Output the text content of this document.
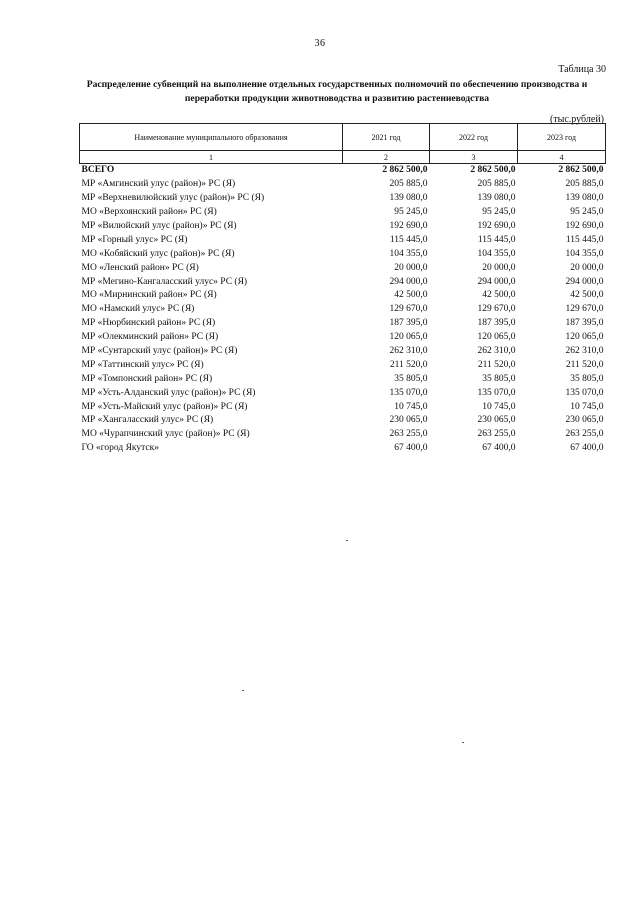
36
Таблица 30
Распределение субвенций на выполнение отдельных государственных полномочий по обеспечению производства и переработки продукции животноводства и развитию растениеводства
(тыс.рублей)
Наименование муниципального образования	2021 год	2022 год	2023 год
1	2	3	4
ВСЕГО	2 862 500,0	2 862 500,0	2 862 500,0
МР «Амгинский улус (район)» РС (Я)	205 885,0	205 885,0	205 885,0
МР «Верхневилюйский улус (район)» РС (Я)	139 080,0	139 080,0	139 080,0
МО «Верхоянский район» РС (Я)	95 245,0	95 245,0	95 245,0
МР «Вилюйский улус (район)» РС (Я)	192 690,0	192 690,0	192 690,0
МР «Горный улус» РС (Я)	115 445,0	115 445,0	115 445,0
МО «Кобяйский улус (район)» РС (Я)	104 355,0	104 355,0	104 355,0
МО «Ленский район» РС (Я)	20 000,0	20 000,0	20 000,0
МР «Мегино-Кангаласский улус» РС (Я)	294 000,0	294 000,0	294 000,0
МО «Мирнинский район» РС (Я)	42 500,0	42 500,0	42 500,0
МО «Намский улус» РС (Я)	129 670,0	129 670,0	129 670,0
МР «Нюрбинский район» РС (Я)	187 395,0	187 395,0	187 395,0
МР «Олекминский район» РС (Я)	120 065,0	120 065,0	120 065,0
МР «Сунтарский улус (район)» РС (Я)	262 310,0	262 310,0	262 310,0
МР «Таттинский улус» РС (Я)	211 520,0	211 520,0	211 520,0
МР «Томпонский район» РС (Я)	35 805,0	35 805,0	35 805,0
МР «Усть-Алданский улус (район)» РС (Я)	135 070,0	135 070,0	135 070,0
МР «Усть-Майский улус (район)» РС (Я)	10 745,0	10 745,0	10 745,0
МР «Хангаласский улус» РС (Я)	230 065,0	230 065,0	230 065,0
МО «Чурапчинский улус (район)» РС (Я)	263 255,0	263 255,0	263 255,0
ГО «город Якутск»	67 400,0	67 400,0	67 400,0
